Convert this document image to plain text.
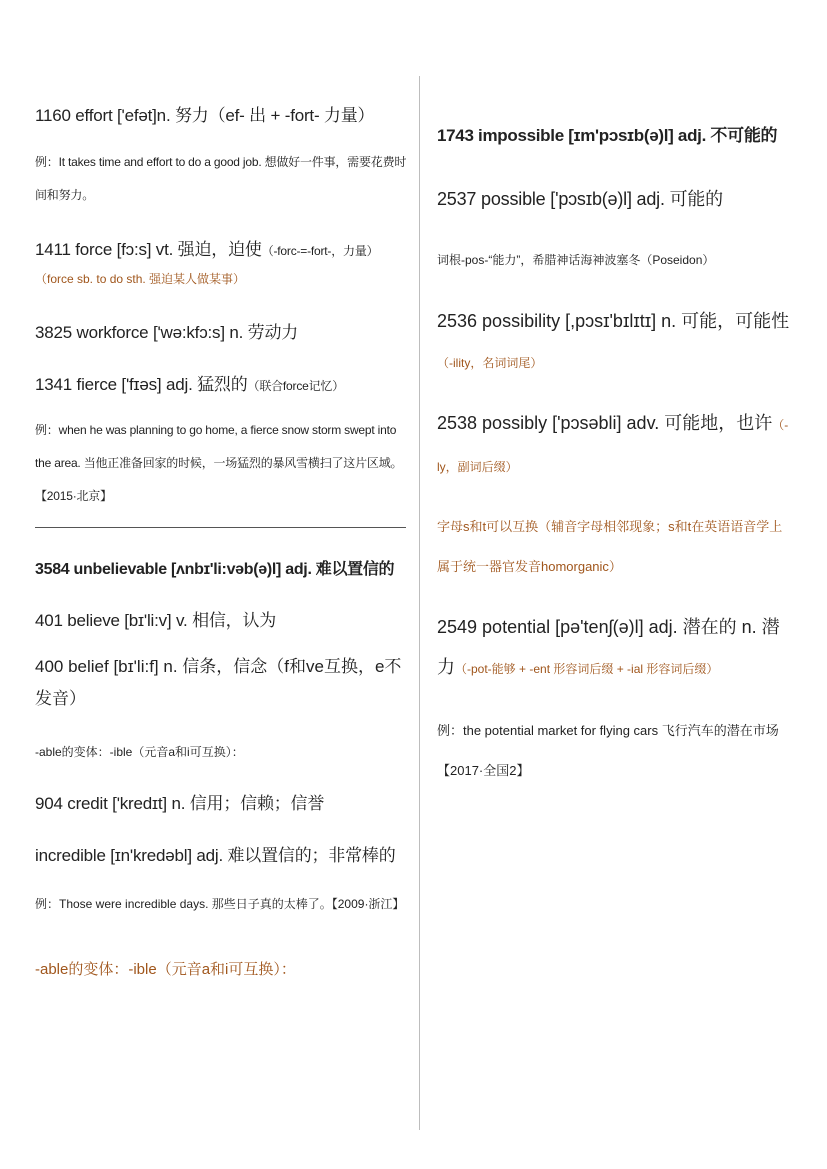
1160 effort ['efət]n. 努力（ef- 出 + -fort- 力量）

例：It takes time and effort to do a good job. 想做好一件事，需要花费时间和努力。

1411 force [fɔ:s] vt. 强迫，迫使（-forc-=-fort-，力量）

（force sb. to do sth. 强迫某人做某事）

3825 workforce ['wə:kfɔ:s] n. 劳动力

1341 fierce ['fɪəs] adj. 猛烈的（联合force记忆）

例：when he was planning to go home, a fierce snow storm swept into the area. 当他正准备回家的时候，一场猛烈的暴风雪横扫了这片区域。【2015·北京】

3584 unbelievable [ʌnbɪ'li:vəb(ə)l] adj. 难以置信的

401 believe [bɪ'li:v] v. 相信，认为

400 belief [bɪ'li:f] n. 信条，信念（f和ve互换，e不发音）

-able的变体：-ible（元音a和i可互换）：

904 credit ['kredɪt] n. 信用；信赖；信誉

incredible [ɪn'kredəbl] adj. 难以置信的；非常棒的

例：Those were incredible days. 那些日子真的太棒了。【2009·浙江】

-able的变体：-ible（元音a和i可互换）：

1743 impossible [ɪm'pɔsɪb(ə)l] adj. 不可能的

2537 possible ['pɔsɪb(ə)l] adj. 可能的

词根-pos-“能力”，希腊神话海神波塞冬（Poseidon）

2536 possibility [,pɔsɪ'bɪlɪtɪ] n. 可能，可能性（-ility，名词词尾）

2538 possibly ['pɔsəbli] adv. 可能地，也许（-ly，副词后缀）

字母s和t可以互换（辅音字母相邻现象；s和t在英语语音学上属于统一器官发音homorganic）

2549 potential [pə'tenʃ(ə)l] adj. 潜在的 n. 潜力（-pot-能够 + -ent 形容词后缀 + -ial 形容词后缀）

例：the potential market for flying cars 飞行汽车的潜在市场【2017·全国2】
